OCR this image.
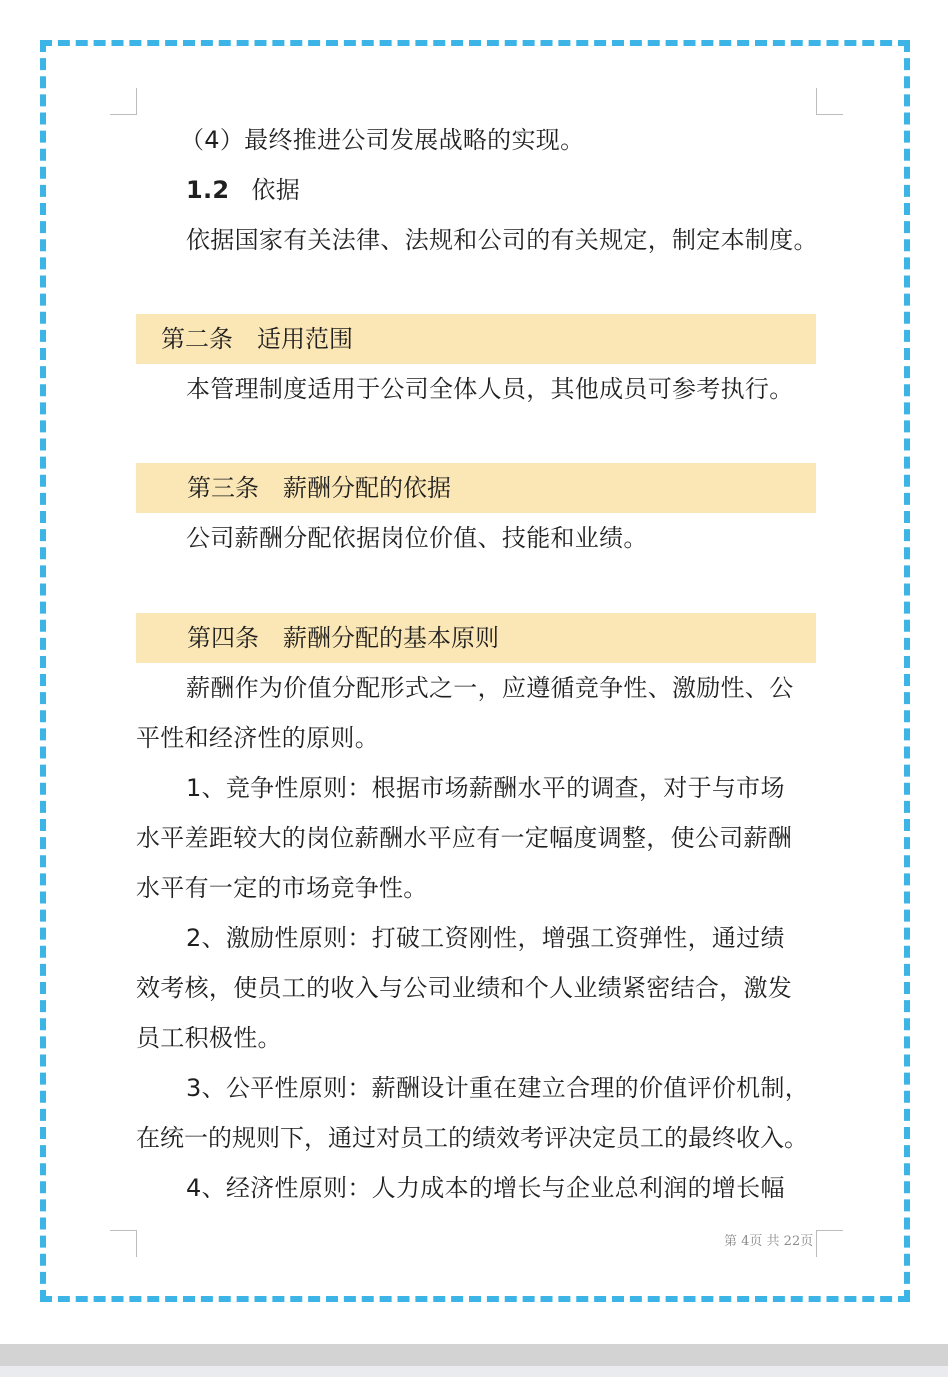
（4）最终推进公司发展战略的实现。
1.2 依据
依据国家有关法律、法规和公司的有关规定，制定本制度。
第二条 适用范围
本管理制度适用于公司全体人员，其他成员可参考执行。
第三条 薪酬分配的依据
公司薪酬分配依据岗位价值、技能和业绩。
第四条 薪酬分配的基本原则
薪酬作为价值分配形式之一，应遵循竞争性、激励性、公
平性和经济性的原则。
1、竞争性原则：根据市场薪酬水平的调查，对于与市场
水平差距较大的岗位薪酬水平应有一定幅度调整，使公司薪酬
水平有一定的市场竞争性。
2、激励性原则：打破工资刚性，增强工资弹性，通过绩
效考核，使员工的收入与公司业绩和个人业绩紧密结合，激发
员工积极性。
3、公平性原则：薪酬设计重在建立合理的价值评价机制，
在统一的规则下，通过对员工的绩效考评决定员工的最终收入。
4、经济性原则：人力成本的增长与企业总利润的增长幅
第 4页 共 22页
